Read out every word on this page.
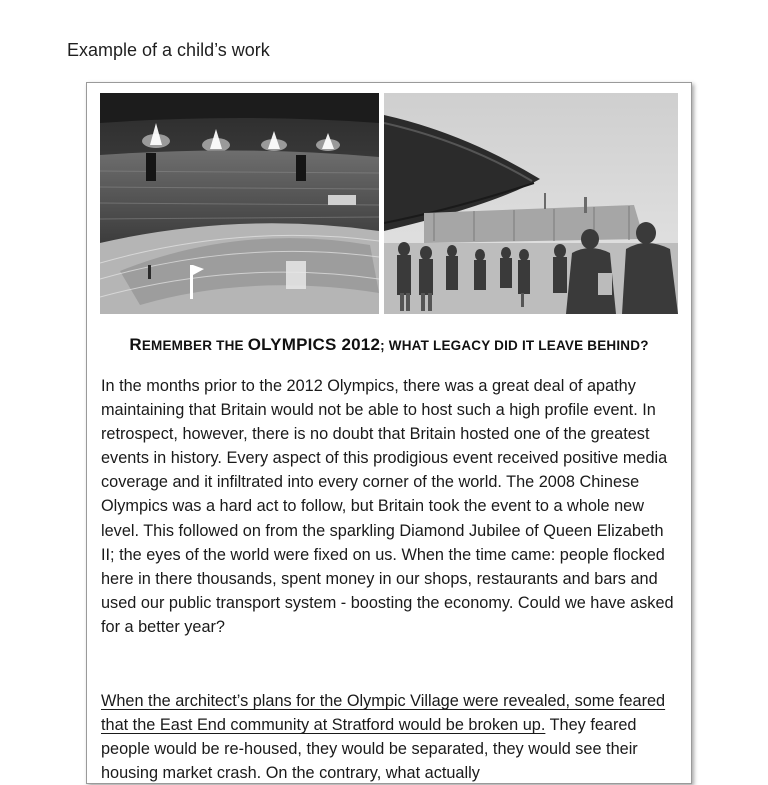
Example of a child’s work
REMEMBER THE OLYMPICS 2012; WHAT LEGACY DID IT LEAVE BEHIND?
In the months prior to the 2012 Olympics, there was a great deal of apathy maintaining that Britain would not be able to host such a high profile event. In retrospect, however, there is no doubt that Britain hosted one of the greatest events in history. Every aspect of this prodigious event received positive media coverage and it infiltrated into every corner of the world. The 2008 Chinese Olympics was a hard act to follow, but Britain took the event to a whole new level. This followed on from the sparkling Diamond Jubilee of Queen Elizabeth II; the eyes of the world were fixed on us. When the time came: people flocked here in there thousands, spent money in our shops, restaurants and bars and used our public transport system - boosting the economy. Could we have asked for a better year?
When the architect’s plans for the Olympic Village were revealed, some feared that the East End community at Stratford would be broken up. They feared people would be re-housed, they would be separated, they would see their housing market crash. On the contrary, what actually
